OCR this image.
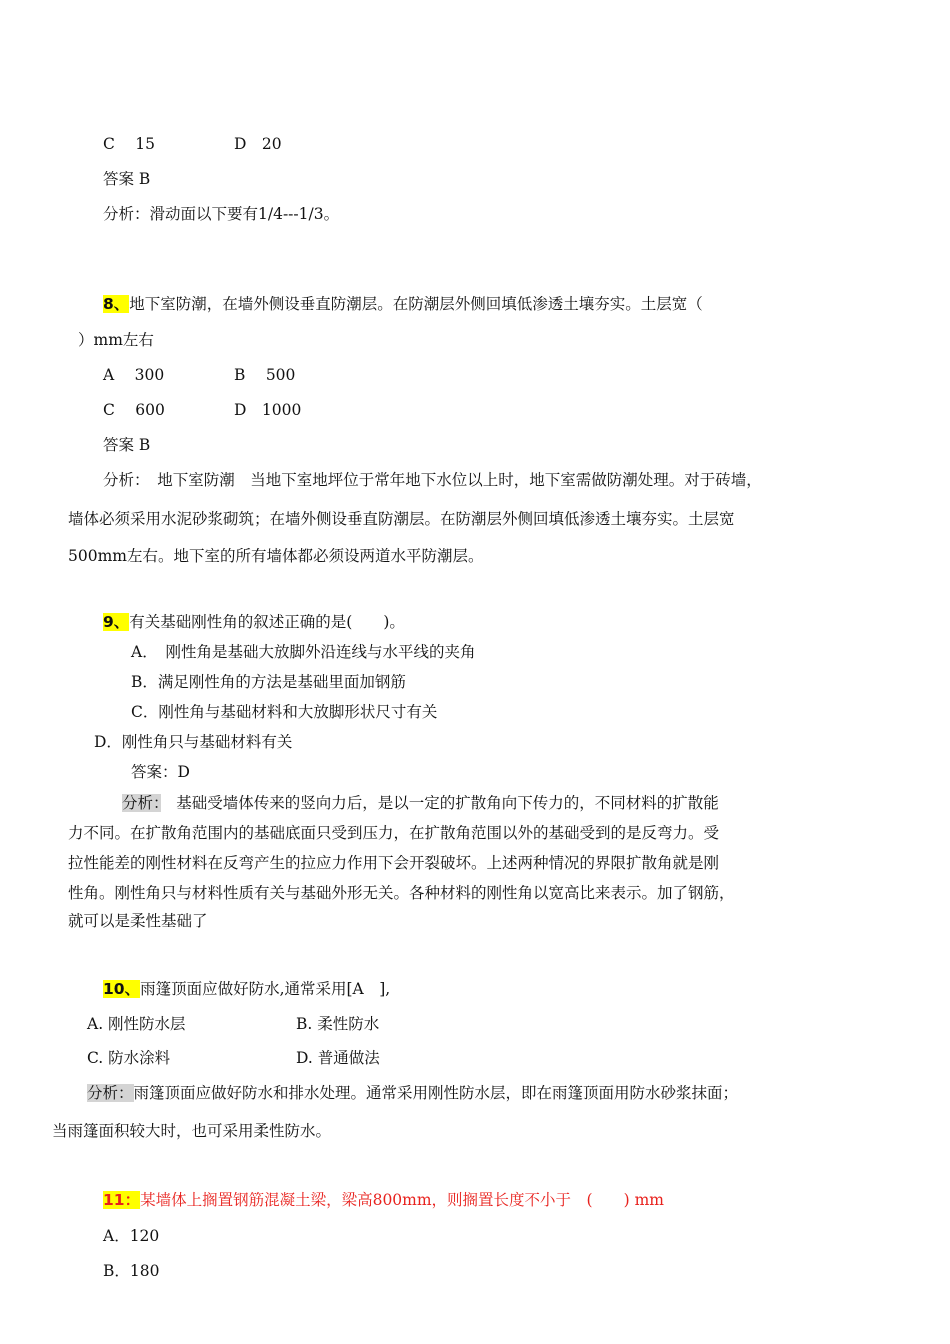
C　 15	D　20
答案 B
分析：滑动面以下要有1/4---1/3。
8、地下室防潮，在墙外侧设垂直防潮层。在防潮层外侧回填低渗透土壤夯实。土层宽（
）mm左右
A　 300	B　 500
C　 600	D　1000
答案 B
分析：　地下室防潮　当地下室地坪位于常年地下水位以上时，地下室需做防潮处理。对于砖墙，
墙体必须采用水泥砂浆砌筑；在墙外侧设垂直防潮层。在防潮层外侧回填低渗透土壤夯实。土层宽
500mm左右。地下室的所有墙体都必须设两道水平防潮层。
9、有关基础刚性角的叙述正确的是(　　)。
A．　刚性角是基础大放脚外沿连线与水平线的夹角
B．满足刚性角的方法是基础里面加钢筋
C．刚性角与基础材料和大放脚形状尺寸有关
D．刚性角只与基础材料有关
答案：D
分析：　基础受墙体传来的竖向力后，是以一定的扩散角向下传力的，不同材料的扩散能
力不同。在扩散角范围内的基础底面只受到压力，在扩散角范围以外的基础受到的是反弯力。受
拉性能差的刚性材料在反弯产生的拉应力作用下会开裂破坏。上述两种情况的界限扩散角就是刚
性角。刚性角只与材料性质有关与基础外形无关。各种材料的刚性角以宽高比来表示。加了钢筋，
就可以是柔性基础了
10、雨篷顶面应做好防水,通常采用[A　],
A. 刚性防水层	B. 柔性防水
C. 防水涂料	D. 普通做法
分析：雨篷顶面应做好防水和排水处理。通常采用刚性防水层，即在雨篷顶面用防水砂浆抹面；
当雨篷面积较大时，也可采用柔性防水。
11：某墙体上搁置钢筋混凝土梁，梁高800mm，则搁置长度不小于　(　　) mm
A．120
B．180
